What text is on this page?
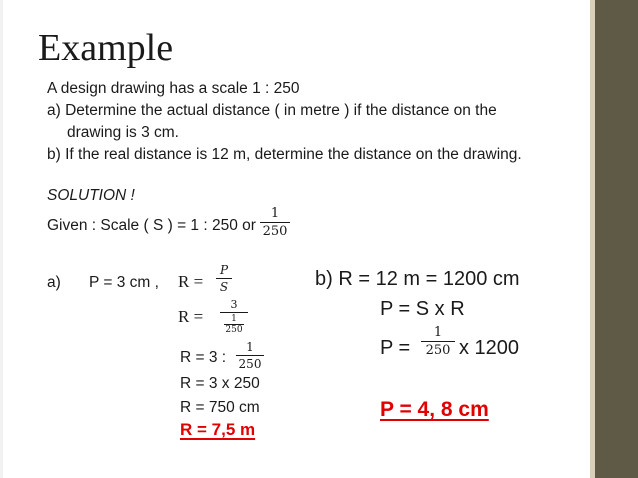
Example
A design drawing has a scale 1 : 250
a) Determine the actual distance ( in metre ) if the distance on the
drawing is 3 cm.
b) If the real distance is 12 m, determine the distance on the drawing.
SOLUTION !
Given : Scale ( S ) = 1 : 250 or
1
250
a) P = 3 cm , R =
P
S
R =
3
1
250
R = 3 :
1
250
R = 3 x 250
R = 750 cm
R = 7,5 m
b) R = 12 m = 1200 cm
P = S x R
P =
1
250 x 1200
P = 4, 8 cm
